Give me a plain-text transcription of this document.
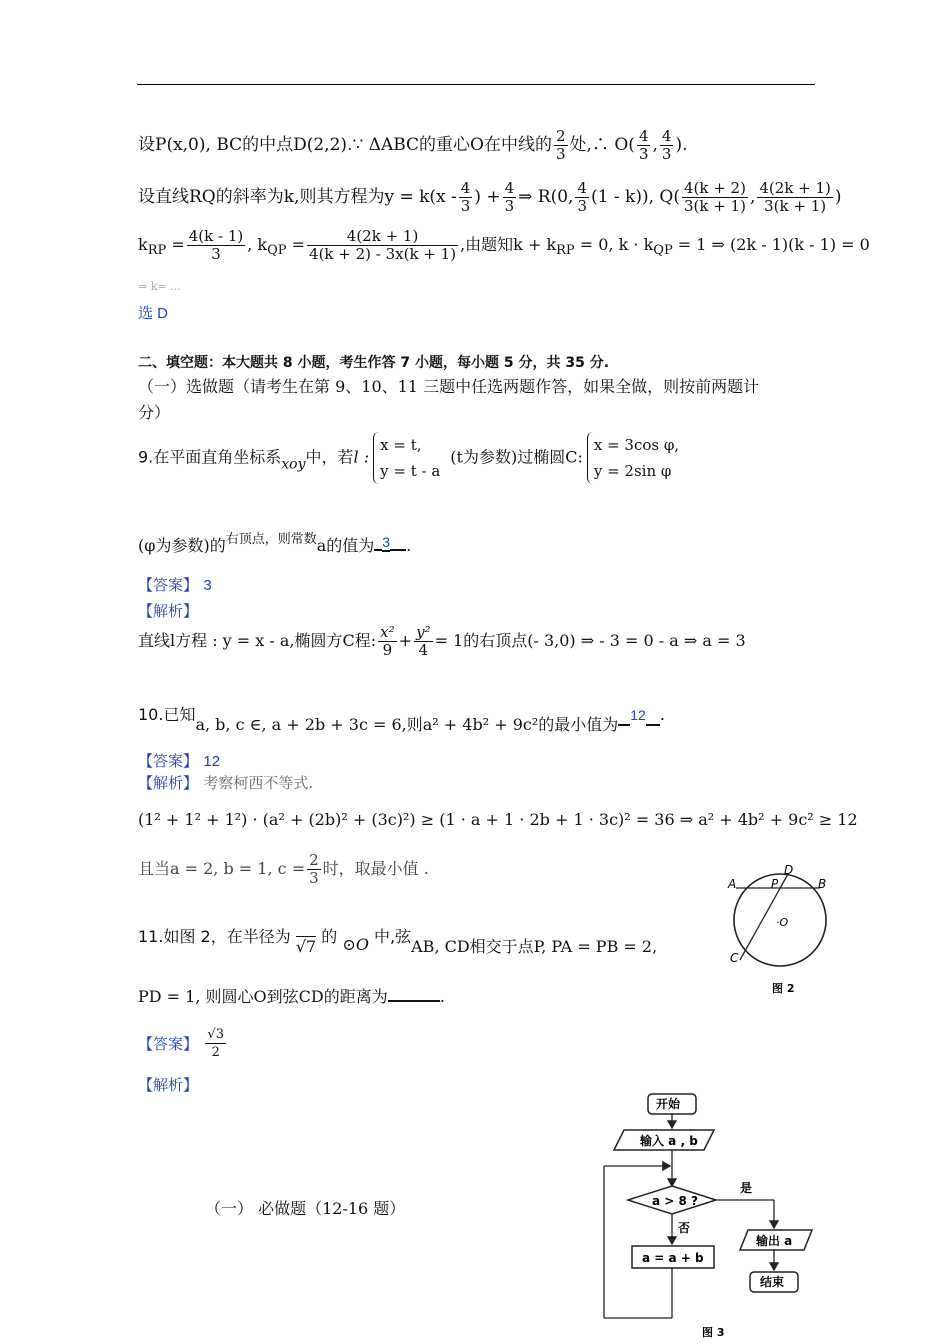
设P(x,0), BC的中点D(2,2).∵ ΔABC的重心O在中线的 $\frac{2}{3}$ 处,∴ $O( \frac{4}{3}$ , $\frac{4}{3}$ ).
设直线RQ的斜率为k,则其方程为$y = k(x - \frac{4}{3}$ ) + $\frac{4}{3}$ ⇒ R(0, $\frac{4}{3} (1 - k)$), $Q( \frac{4(k + 2)}{3(k + 1)}$ , $\frac{4(2k + 1)}{3(k + 1)}$ )
$k_{RP} = \frac{4(k - 1)}{3}$ , $k_{QP} = \frac{4(2k + 1)}{4(k + 2) - 3x(k + 1)}$ ,由题知$k + k_{RP} = 0$, $k \cdot k_{QP} = 1$ ⇒ (2k - 1)(k - 1) = 0
⇒ k= ...
选 D
二、填空题：本大题共 8 小题，考生作答 7 小题，每小题 5 分，共 35 分.
（一）选做题（请考生在第 9、10、11 三题中任选两题作答，如果全做，则按前两题计
分）
9.在平面直角坐标系xoy中，若l :
x = t,
y = t - a
(t为参数)过椭圆C:
x = 3cos φ,
y = 2sin φ
(φ为参数)的$^{右顶点,则常数}$a的值为 3 .
【答案】 3
【解析】
直线l方程 : y = x - a,椭圆方C程: $\frac{\text{x²}}{9} + \frac{\text{y²}}{4} = 1$的右顶点(- 3,0) ⇒ - 3 = 0 - a ⇒ a = 3
10.已知a, b, c ∈, a + 2b + 3c = 6,则a² + 4b² + 9c²的最小值为 12 .
【答案】 12
【解析】 考察柯西不等式.
(1² + 1² + 1²) · (a² + (2b)² + (3c)²) ≥ (1 · a + 1 · 2b + 1 · 3c)² = 36 ⇒ a² + 4b² + 9c² ≥ 12
且当a = 2, b = 1, $c = \frac{2}{3}$ 时，取最小值 .
11.如图 2，在半径为 √7 的 ⊙O 中,弦AB, CD相交于点P, PA = PB = 2,
PD = 1, 则圆心O到弦CD的距离为	.
【答案】 $\frac{√3}{2}$
【解析】
（一） 必做题（12-16 题）
A	P
D
B
·O
C
图 2
开始
输入 a , b
a > 8 ?
是
否
a = a + b
输出 a
结束
图 3
